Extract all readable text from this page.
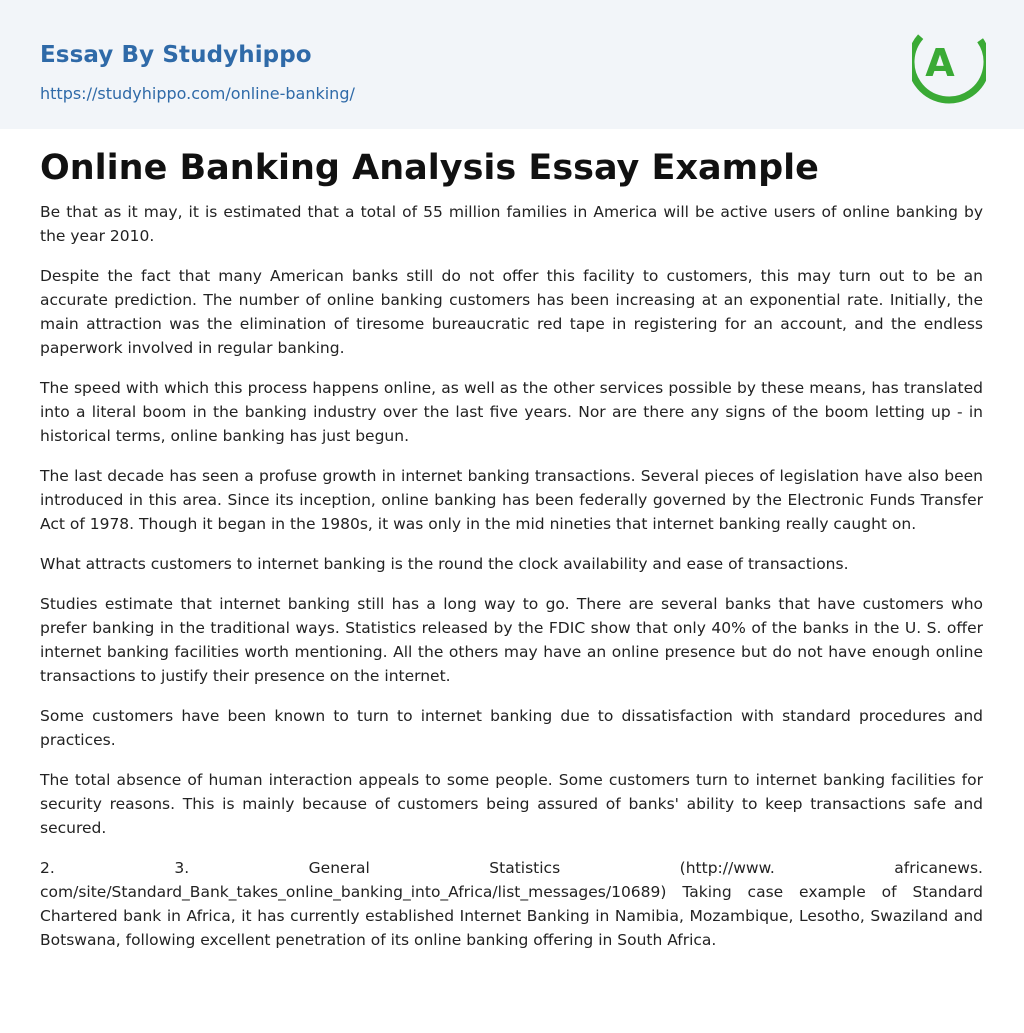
Essay By Studyhippo
https://studyhippo.com/online-banking/
A
Online Banking Analysis Essay Example

Be that as it may, it is estimated that a total of 55 million families in America will be active users of online banking by the year 2010.

Despite the fact that many American banks still do not offer this facility to customers, this may turn out to be an accurate prediction. The number of online banking customers has been increasing at an exponential rate. Initially, the main attraction was the elimination of tiresome bureaucratic red tape in registering for an account, and the endless paperwork involved in regular banking.

The speed with which this process happens online, as well as the other services possible by these means, has translated into a literal boom in the banking industry over the last five years. Nor are there any signs of the boom letting up - in historical terms, online banking has just begun.

The last decade has seen a profuse growth in internet banking transactions. Several pieces of legislation have also been introduced in this area. Since its inception, online banking has been federally governed by the Electronic Funds Transfer Act of 1978. Though it began in the 1980s, it was only in the mid nineties that internet banking really caught on.

What attracts customers to internet banking is the round the clock availability and ease of transactions.

Studies estimate that internet banking still has a long way to go. There are several banks that have customers who prefer banking in the traditional ways. Statistics released by the FDIC show that only 40% of the banks in the U. S. offer internet banking facilities worth mentioning. All the others may have an online presence but do not have enough online transactions to justify their presence on the internet.

Some customers have been known to turn to internet banking due to dissatisfaction with standard procedures and practices.

The total absence of human interaction appeals to some people. Some customers turn to internet banking facilities for security reasons. This is mainly because of customers being assured of banks' ability to keep transactions safe and secured.

2. 3. General Statistics (http://www. africanews. com/site/Standard_Bank_takes_online_banking_into_Africa/list_messages/10689) Taking case example of Standard Chartered bank in Africa, it has currently established Internet Banking in Namibia, Mozambique, Lesotho, Swaziland and Botswana, following excellent penetration of its online banking offering in South Africa.
